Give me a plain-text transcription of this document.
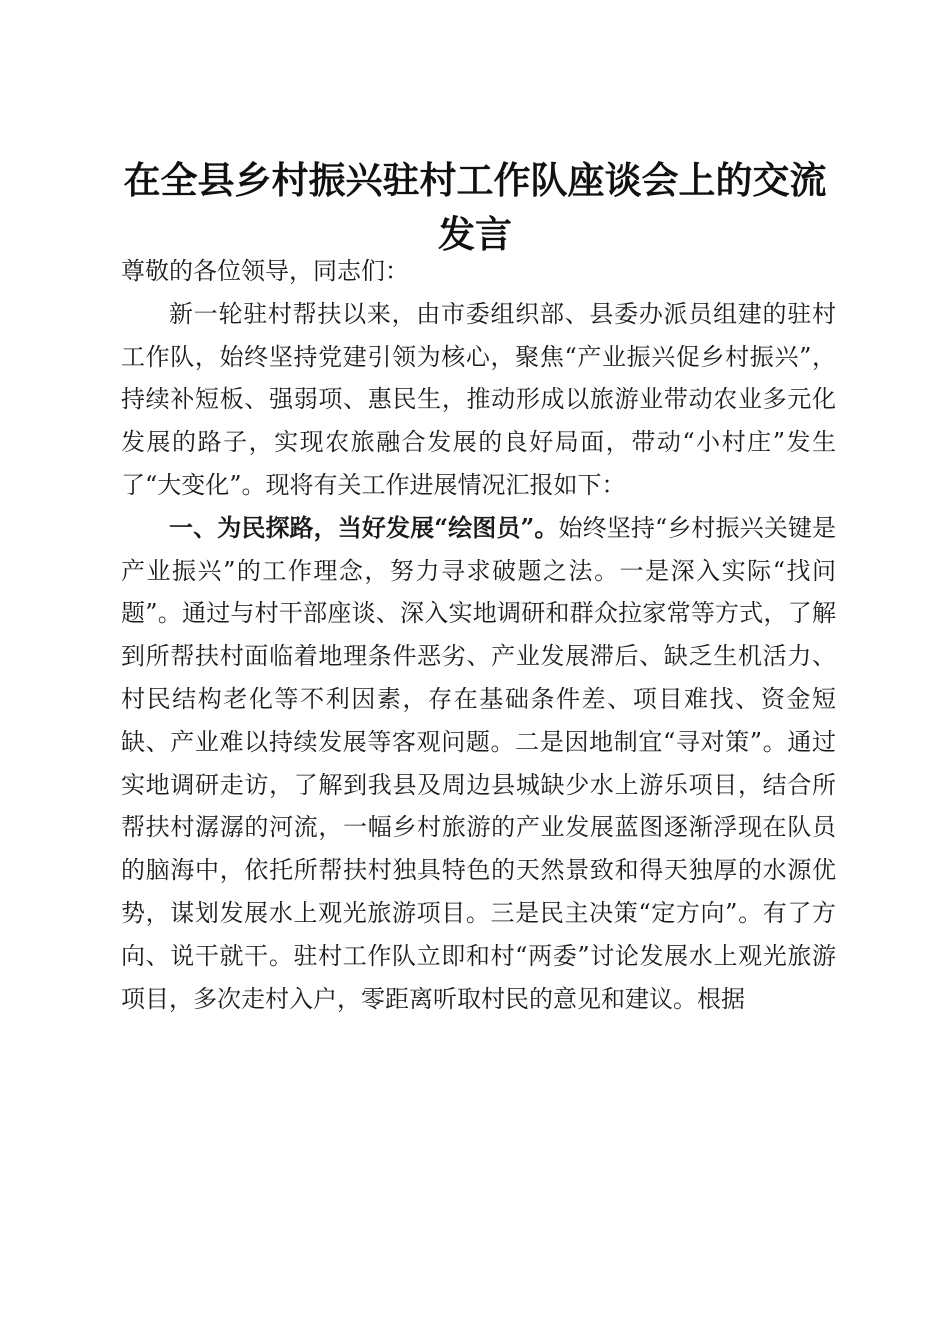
在全县乡村振兴驻村工作队座谈会上的交流发言

尊敬的各位领导，同志们：

新一轮驻村帮扶以来，由市委组织部、县委办派员组建的驻村工作队，始终坚持党建引领为核心，聚焦“产业振兴促乡村振兴”，持续补短板、强弱项、惠民生，推动形成以旅游业带动农业多元化发展的路子，实现农旅融合发展的良好局面，带动“小村庄”发生了“大变化”。现将有关工作进展情况汇报如下：

一、为民探路，当好发展“绘图员”。始终坚持“乡村振兴关键是产业振兴”的工作理念，努力寻求破题之法。一是深入实际“找问题”。通过与村干部座谈、深入实地调研和群众拉家常等方式，了解到所帮扶村面临着地理条件恶劣、产业发展滞后、缺乏生机活力、村民结构老化等不利因素，存在基础条件差、项目难找、资金短缺、产业难以持续发展等客观问题。二是因地制宜“寻对策”。通过实地调研走访，了解到我县及周边县城缺少水上游乐项目，结合所帮扶村潺潺的河流，一幅乡村旅游的产业发展蓝图逐渐浮现在队员的脑海中，依托所帮扶村独具特色的天然景致和得天独厚的水源优势，谋划发展水上观光旅游项目。三是民主决策“定方向”。有了方向、说干就干。驻村工作队立即和村“两委”讨论发展水上观光旅游项目，多次走村入户，零距离听取村民的意见和建议。根据
